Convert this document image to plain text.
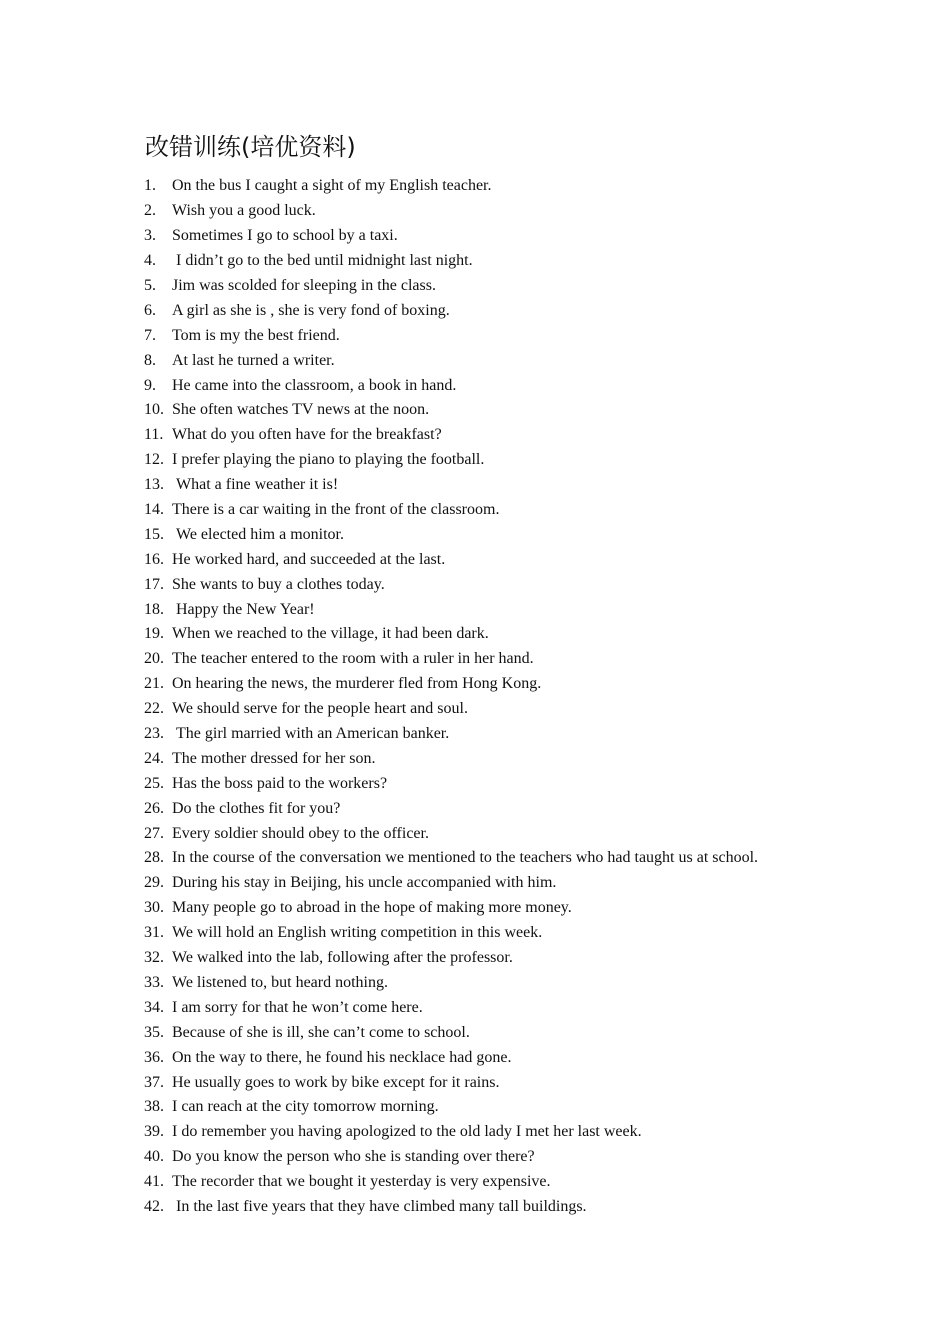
改错训练(培优资料)
1.	On the bus I caught a sight of my English teacher.
2.	Wish you a good luck.
3.	Sometimes I go to school by a taxi.
4.	I didn’t go to the bed until midnight last night.
5.	Jim was scolded for sleeping in the class.
6.	A girl as she is , she is very fond of boxing.
7.	Tom is my the best friend.
8.	At last he turned a writer.
9.	He came into the classroom, a book in hand.
10. She often watches TV news at the noon.
11. What do you often have for the breakfast?
12. I prefer playing the piano to playing the football.
13. What a fine weather it is!
14. There is a car waiting in the front of the classroom.
15. We elected him a monitor.
16. He worked hard, and succeeded at the last.
17. She wants to buy a clothes today.
18. Happy the New Year!
19. When we reached to the village, it had been dark.
20. The teacher entered to the room with a ruler in her hand.
21. On hearing the news, the murderer fled from Hong Kong.
22. We should serve for the people heart and soul.
23. The girl married with an American banker.
24. The mother dressed for her son.
25. Has the boss paid to the workers?
26. Do the clothes fit for you?
27. Every soldier should obey to the officer.
28. In the course of the conversation we mentioned to the teachers who had taught us at school.
29. During his stay in Beijing, his uncle accompanied with him.
30. Many people go to abroad in the hope of making more money.
31. We will hold an English writing competition in this week.
32. We walked into the lab, following after the professor.
33. We listened to, but heard nothing.
34. I am sorry for that he won’t come here.
35. Because of she is ill, she can’t come to school.
36. On the way to there, he found his necklace had gone.
37. He usually goes to work by bike except for it rains.
38. I can reach at the city tomorrow morning.
39. I do remember you having apologized to the old lady I met her last week.
40. Do you know the person who she is standing over there?
41. The recorder that we bought it yesterday is very expensive.
42. In the last five years that they have climbed many tall buildings.
